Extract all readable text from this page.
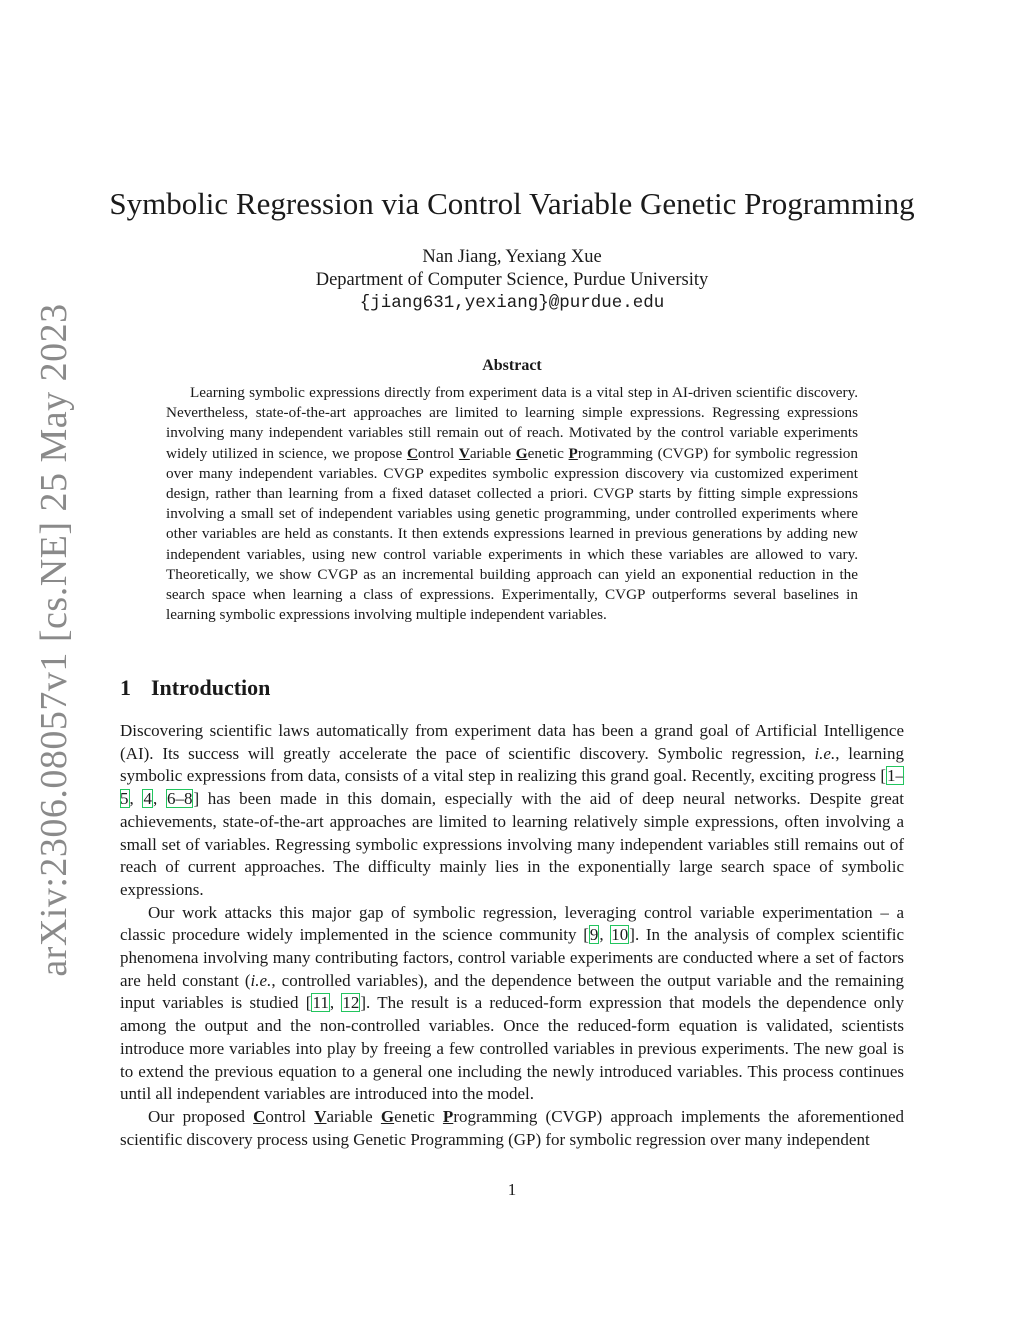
arXiv:2306.08057v1 [cs.NE] 25 May 2023
Symbolic Regression via Control Variable Genetic Programming
Nan Jiang, Yexiang Xue
Department of Computer Science, Purdue University
{jiang631,yexiang}@purdue.edu
Abstract

Learning symbolic expressions directly from experiment data is a vital step in AI-driven scientific discovery. Nevertheless, state-of-the-art approaches are limited to learning simple expressions. Regressing expressions involving many independent variables still remain out of reach. Motivated by the control variable experiments widely utilized in science, we propose Control Variable Genetic Programming (CVGP) for symbolic regression over many independent variables. CVGP expedites symbolic expression discovery via customized experiment design, rather than learning from a fixed dataset collected a priori. CVGP starts by fitting simple expressions involving a small set of independent variables using genetic programming, under controlled experiments where other variables are held as constants. It then extends expressions learned in previous generations by adding new independent variables, using new control variable experiments in which these variables are allowed to vary. Theoretically, we show CVGP as an incremental building approach can yield an exponential reduction in the search space when learning a class of expressions. Experimentally, CVGP outperforms several baselines in learning symbolic expressions involving multiple independent variables.

1 Introduction

Discovering scientific laws automatically from experiment data has been a grand goal of Artificial Intelligence (AI). Its success will greatly accelerate the pace of scientific discovery. Symbolic regression, i.e., learning symbolic expressions from data, consists of a vital step in realizing this grand goal. Recently, exciting progress [1–5, 4, 6–8] has been made in this domain, especially with the aid of deep neural networks. Despite great achievements, state-of-the-art approaches are limited to learning relatively simple expressions, often involving a small set of variables. Regressing symbolic expressions involving many independent variables still remains out of reach of current approaches. The difficulty mainly lies in the exponentially large search space of symbolic expressions.

Our work attacks this major gap of symbolic regression, leveraging control variable experimentation – a classic procedure widely implemented in the science community [9, 10]. In the analysis of complex scientific phenomena involving many contributing factors, control variable experiments are conducted where a set of factors are held constant (i.e., controlled variables), and the dependence between the output variable and the remaining input variables is studied [11, 12]. The result is a reduced-form expression that models the dependence only among the output and the non-controlled variables. Once the reduced-form equation is validated, scientists introduce more variables into play by freeing a few controlled variables in previous experiments. The new goal is to extend the previous equation to a general one including the newly introduced variables. This process continues until all independent variables are introduced into the model.

Our proposed Control Variable Genetic Programming (CVGP) approach implements the aforementioned scientific discovery process using Genetic Programming (GP) for symbolic regression over many independent

1
